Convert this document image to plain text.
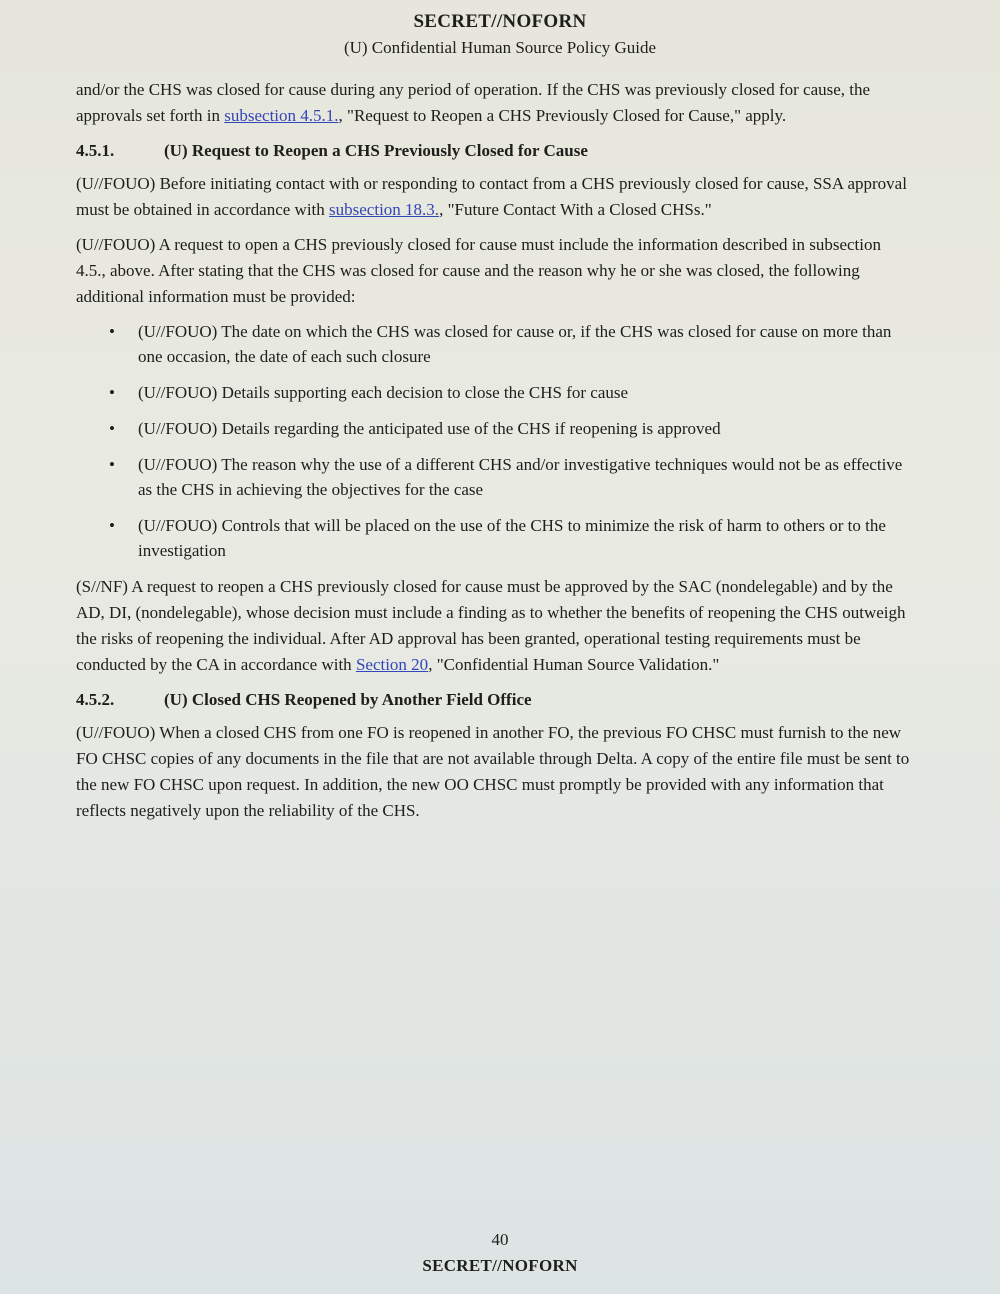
SECRET//NOFORN
(U) Confidential Human Source Policy Guide

and/or the CHS was closed for cause during any period of operation. If the CHS was previously closed for cause, the approvals set forth in subsection 4.5.1., "Request to Reopen a CHS Previously Closed for Cause," apply.

4.5.1.	(U) Request to Reopen a CHS Previously Closed for Cause

(U//FOUO) Before initiating contact with or responding to contact from a CHS previously closed for cause, SSA approval must be obtained in accordance with subsection 18.3., "Future Contact With a Closed CHSs."

(U//FOUO) A request to open a CHS previously closed for cause must include the information described in subsection 4.5., above. After stating that the CHS was closed for cause and the reason why he or she was closed, the following additional information must be provided:

• (U//FOUO) The date on which the CHS was closed for cause or, if the CHS was closed for cause on more than one occasion, the date of each such closure
• (U//FOUO) Details supporting each decision to close the CHS for cause
• (U//FOUO) Details regarding the anticipated use of the CHS if reopening is approved
• (U//FOUO) The reason why the use of a different CHS and/or investigative techniques would not be as effective as the CHS in achieving the objectives for the case
• (U//FOUO) Controls that will be placed on the use of the CHS to minimize the risk of harm to others or to the investigation

(S//NF) A request to reopen a CHS previously closed for cause must be approved by the SAC (nondelegable) and by the AD, DI, (nondelegable), whose decision must include a finding as to whether the benefits of reopening the CHS outweigh the risks of reopening the individual. After AD approval has been granted, operational testing requirements must be conducted by the CA in accordance with Section 20, "Confidential Human Source Validation."

4.5.2.	(U) Closed CHS Reopened by Another Field Office

(U//FOUO) When a closed CHS from one FO is reopened in another FO, the previous FO CHSC must furnish to the new FO CHSC copies of any documents in the file that are not available through Delta. A copy of the entire file must be sent to the new FO CHSC upon request. In addition, the new OO CHSC must promptly be provided with any information that reflects negatively upon the reliability of the CHS.

40
SECRET//NOFORN
